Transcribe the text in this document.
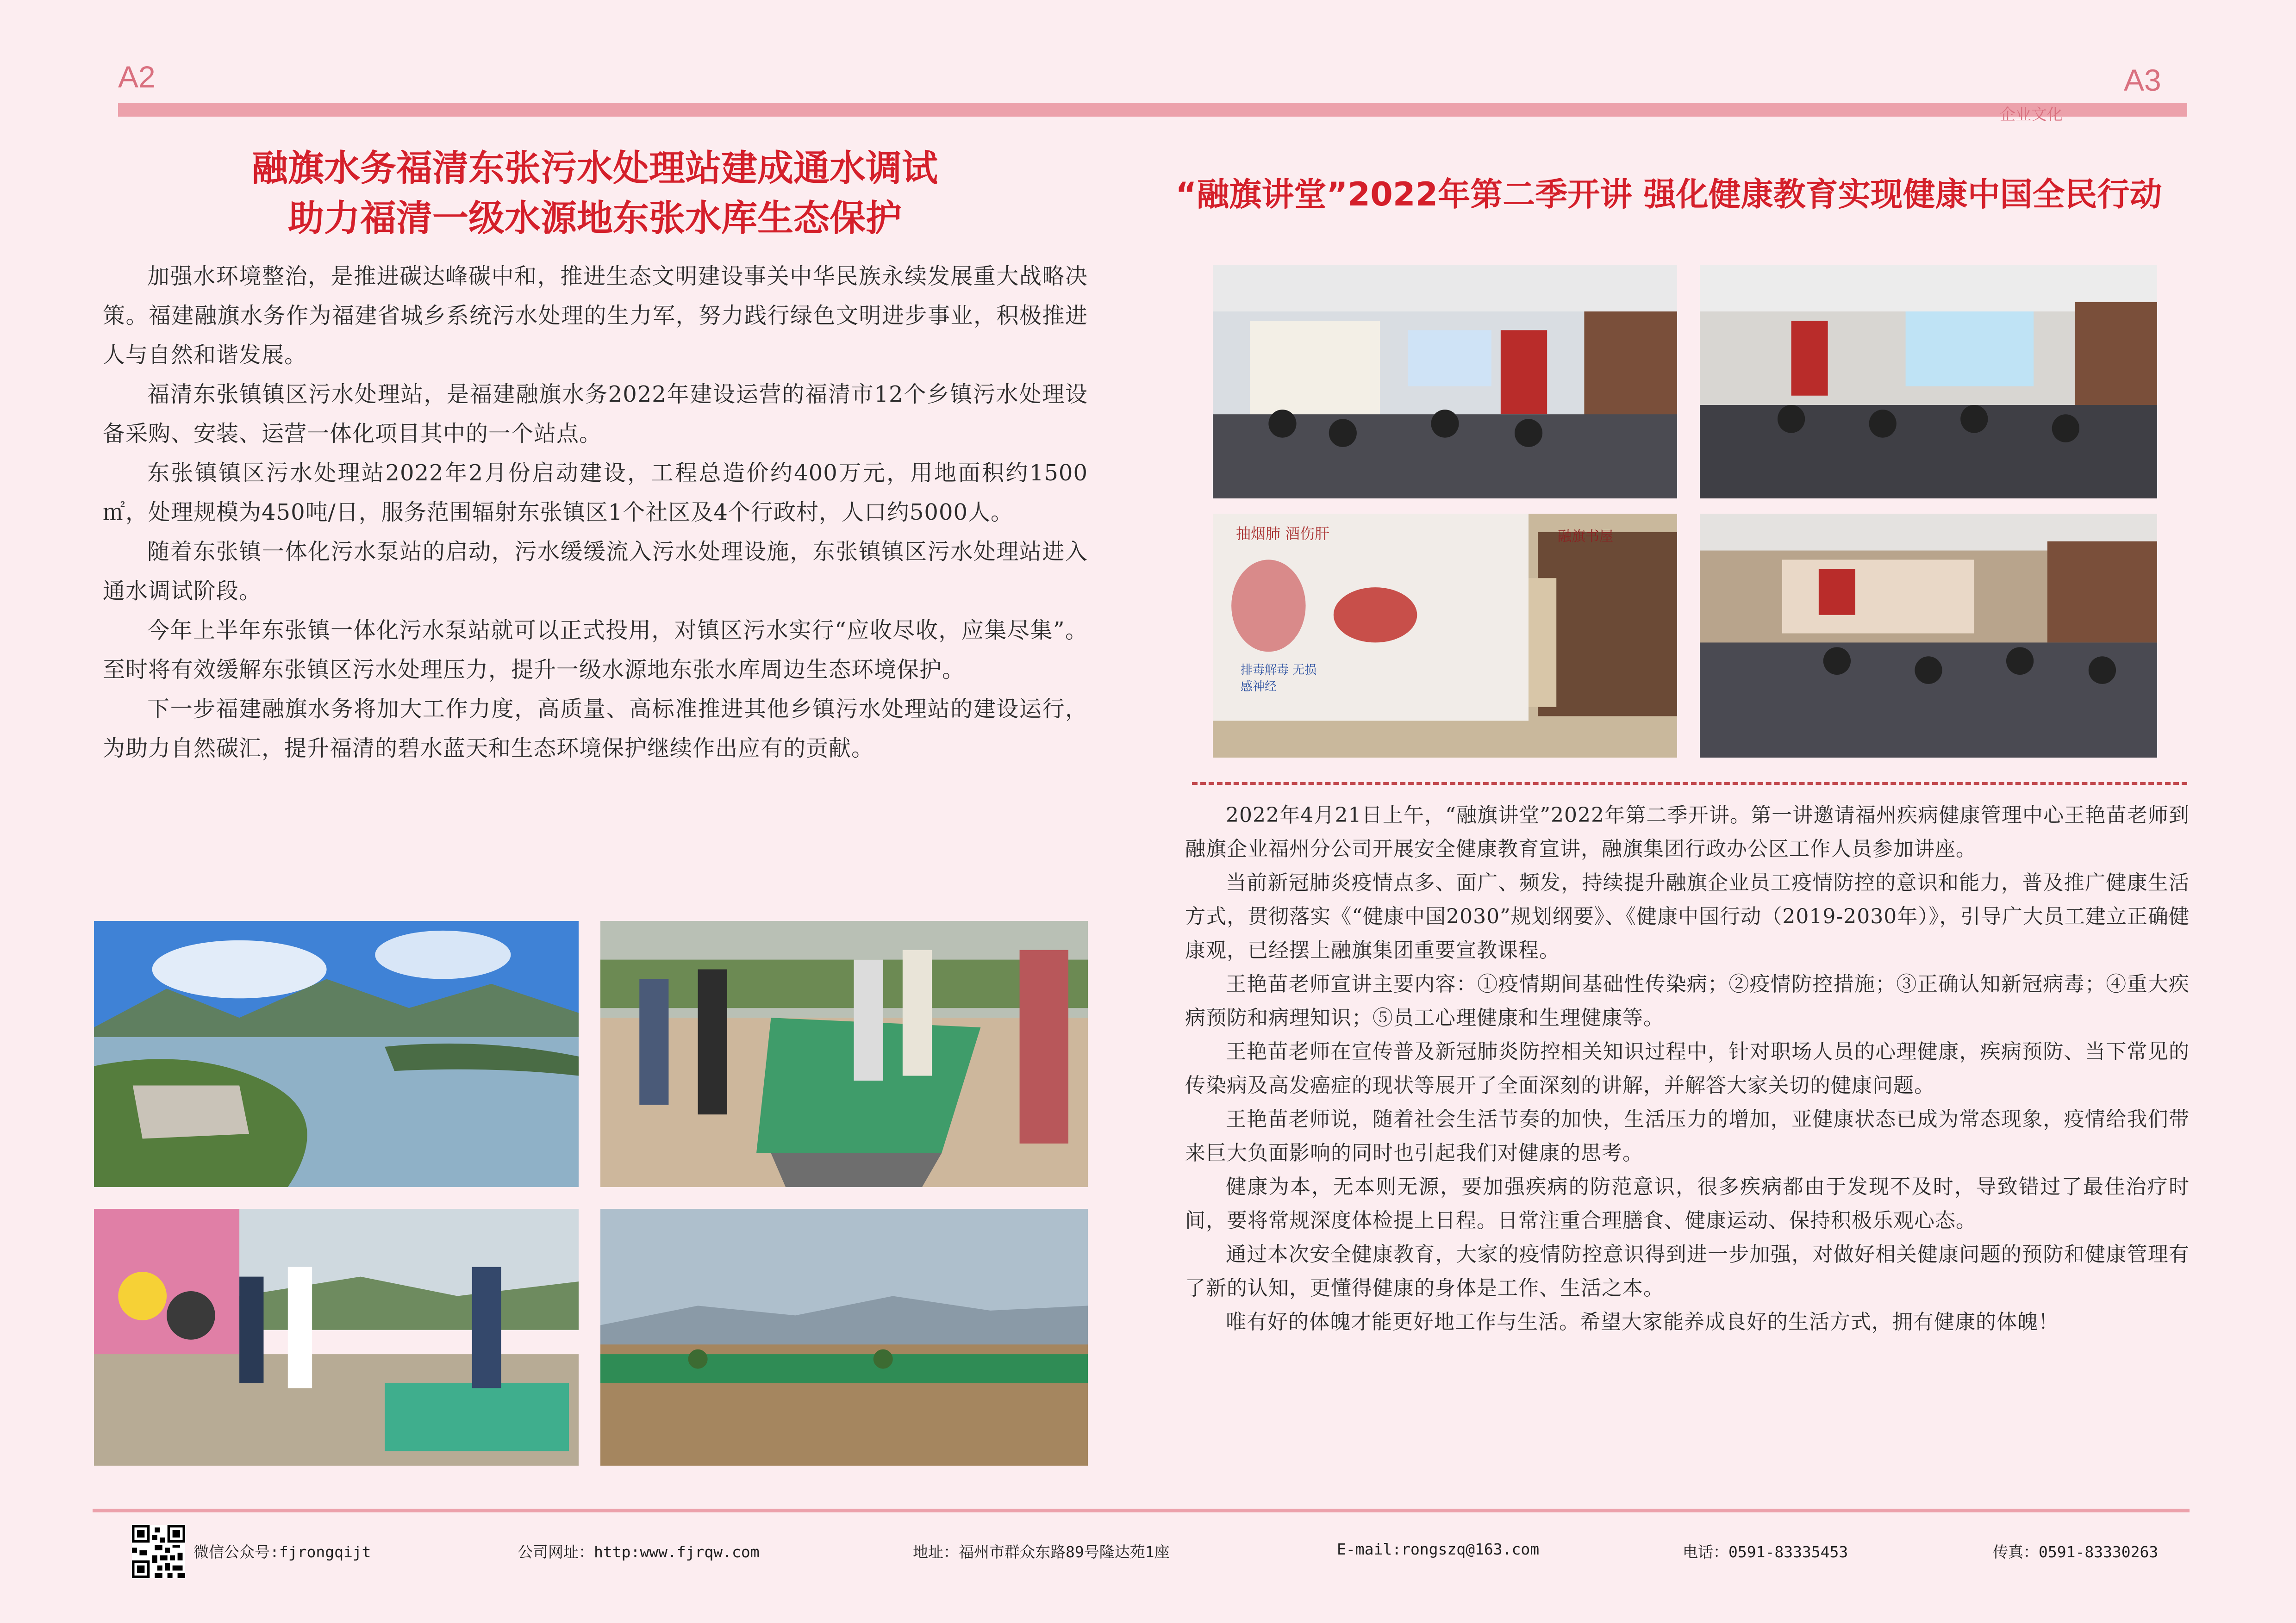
A2
融旗水务福清东张污水处理站建成通水调试
助力福清一级水源地东张水库生态保护

加强水环境整治，是推进碳达峰碳中和，推进生态文明建设事关中华民族永续发展重大战略决策。福建融旗水务作为福建省城乡系统污水处理的生力军，努力践行绿色文明进步事业，积极推进人与自然和谐发展。

福清东张镇镇区污水处理站，是福建融旗水务2022年建设运营的福清市12个乡镇污水处理设备采购、安装、运营一体化项目其中的一个站点。

东张镇镇区污水处理站2022年2月份启动建设，工程总造价约400万元，用地面积约1500㎡，处理规模为450吨/日，服务范围辐射东张镇区1个社区及4个行政村，人口约5000人。

随着东张镇一体化污水泵站的启动，污水缓缓流入污水处理设施，东张镇镇区污水处理站进入通水调试阶段。

今年上半年东张镇一体化污水泵站就可以正式投用，对镇区污水实行“应收尽收，应集尽集”。至时将有效缓解东张镇区污水处理压力，提升一级水源地东张水库周边生态环境保护。

下一步福建融旗水务将加大工作力度，高质量、高标准推进其他乡镇污水处理站的建设运行，为助力自然碳汇，提升福清的碧水蓝天和生态环境保护继续作出应有的贡献。

企业文化
A3
“融旗讲堂”2022年第二季开讲 强化健康教育实现健康中国全民行动
抽烟肺 酒伤肝
排毒解毒 无损感神经
融旗书屋

2022年4月21日上午，“融旗讲堂”2022年第二季开讲。第一讲邀请福州疾病健康管理中心王艳苗老师到融旗企业福州分公司开展安全健康教育宣讲，融旗集团行政办公区工作人员参加讲座。

当前新冠肺炎疫情点多、面广、频发，持续提升融旗企业员工疫情防控的意识和能力，普及推广健康生活方式，贯彻落实《“健康中国2030”规划纲要》、《健康中国行动（2019-2030年）》，引导广大员工建立正确健康观，已经摆上融旗集团重要宣教课程。

王艳苗老师宣讲主要内容：①疫情期间基础性传染病；②疫情防控措施；③正确认知新冠病毒；④重大疾病预防和病理知识；⑤员工心理健康和生理健康等。

王艳苗老师在宣传普及新冠肺炎防控相关知识过程中，针对职场人员的心理健康，疾病预防、当下常见的传染病及高发癌症的现状等展开了全面深刻的讲解，并解答大家关切的健康问题。

王艳苗老师说，随着社会生活节奏的加快，生活压力的增加，亚健康状态已成为常态现象，疫情给我们带来巨大负面影响的同时也引起我们对健康的思考。

健康为本，无本则无源，要加强疾病的防范意识，很多疾病都由于发现不及时，导致错过了最佳治疗时间，要将常规深度体检提上日程。日常注重合理膳食、健康运动、保持积极乐观心态。

通过本次安全健康教育，大家的疫情防控意识得到进一步加强，对做好相关健康问题的预防和健康管理有了新的认知，更懂得健康的身体是工作、生活之本。

唯有好的体魄才能更好地工作与生活。希望大家能养成良好的生活方式，拥有健康的体魄！

微信公众号:fjrongqijt	公司网址：http:www.fjrqw.com	地址：福州市群众东路89号隆达苑1座	E-mail:rongszq@163.com	电话：0591-83335453	传真：0591-83330263
